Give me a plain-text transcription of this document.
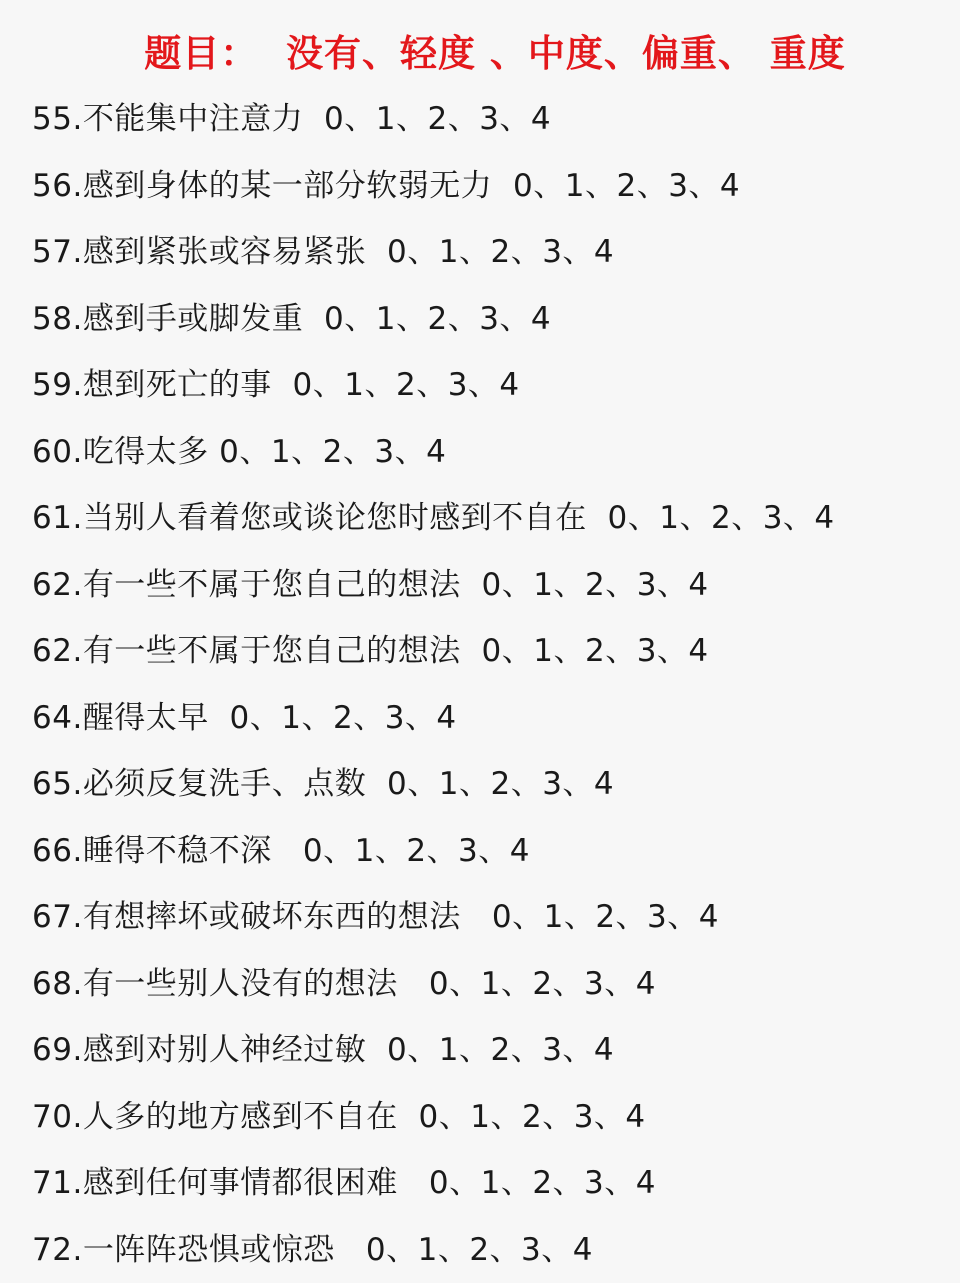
题目：  没有、轻度 、中度、偏重、 重度
55.不能集中注意力  0、1、2、3、4
56.感到身体的某一部分软弱无力  0、1、2、3、4
57.感到紧张或容易紧张  0、1、2、3、4
58.感到手或脚发重  0、1、2、3、4
59.想到死亡的事  0、1、2、3、4
60.吃得太多 0、1、2、3、4
61.当别人看着您或谈论您时感到不自在  0、1、2、3、4
62.有一些不属于您自己的想法  0、1、2、3、4
62.有一些不属于您自己的想法  0、1、2、3、4
64.醒得太早  0、1、2、3、4
65.必须反复洗手、点数  0、1、2、3、4
66.睡得不稳不深   0、1、2、3、4
67.有想摔坏或破坏东西的想法   0、1、2、3、4
68.有一些别人没有的想法   0、1、2、3、4
69.感到对别人神经过敏  0、1、2、3、4
70.人多的地方感到不自在  0、1、2、3、4
71.感到任何事情都很困难   0、1、2、3、4
72.一阵阵恐惧或惊恐   0、1、2、3、4
